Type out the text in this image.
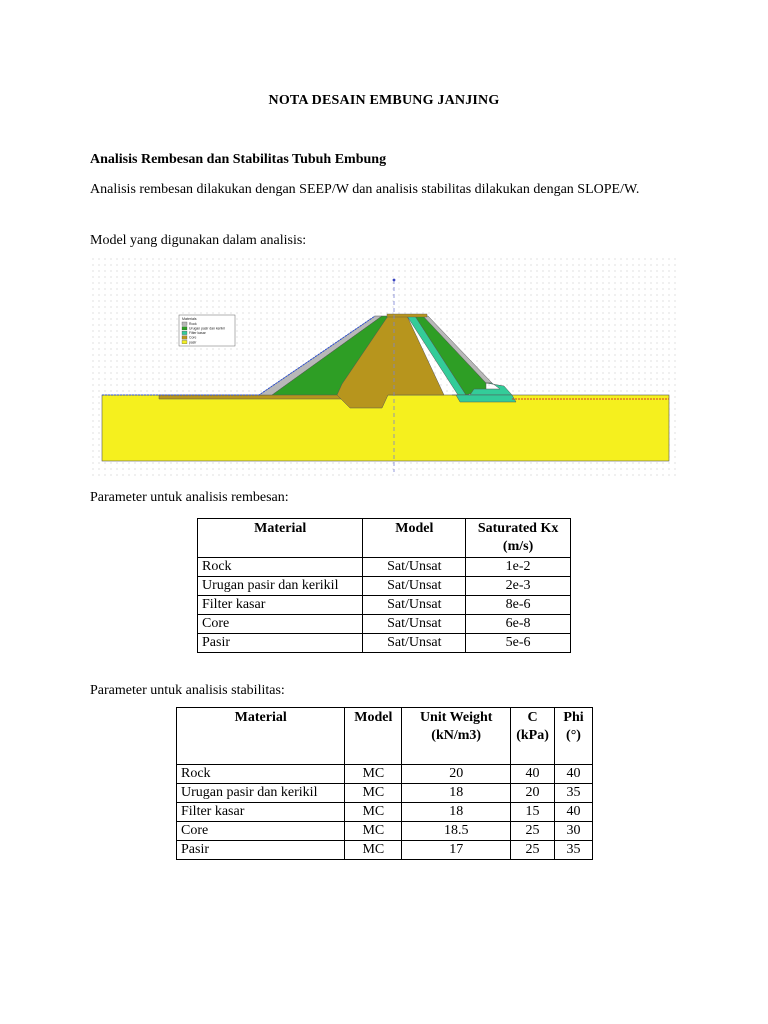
NOTA DESAIN EMBUNG JANJING
Analisis Rembesan dan Stabilitas Tubuh Embung
Analisis rembesan dilakukan dengan SEEP/W dan analisis stabilitas dilakukan dengan SLOPE/W.
Model yang digunakan dalam analisis:
Materials
Rock
Urugan pasir dan kerikil
Filter kasar
Core
pasir
Parameter untuk analisis rembesan:
Material	Model	Saturated Kx (m/s)
Rock	Sat/Unsat	1e-2
Urugan pasir dan kerikil	Sat/Unsat	2e-3
Filter kasar	Sat/Unsat	8e-6
Core	Sat/Unsat	6e-8
Pasir	Sat/Unsat	5e-6
Parameter untuk analisis stabilitas:
Material	Model	Unit Weight (kN/m3)	C (kPa)	Phi (°)
Rock	MC	20	40	40
Urugan pasir dan kerikil	MC	18	20	35
Filter kasar	MC	18	15	40
Core	MC	18.5	25	30
Pasir	MC	17	25	35
